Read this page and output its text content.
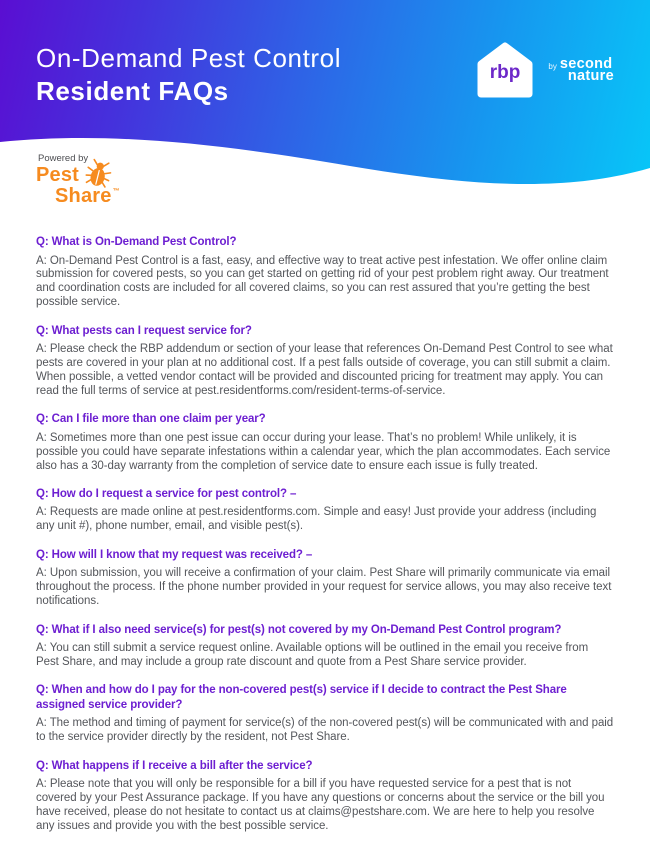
On-Demand Pest Control
Resident FAQs
rbp	by second
nature
Powered by
Pest
Share ™

Q: What is On-Demand Pest Control?

A: On-Demand Pest Control is a fast, easy, and effective way to treat active pest infestation. We offer online claim submission for covered pests, so you can get started on getting rid of your pest problem right away. Our treatment and coordination costs are included for all covered claims, so you can rest assured that you’re getting the best possible service.

Q: What pests can I request service for?

A: Please check the RBP addendum or section of your lease that references On-Demand Pest Control to see what pests are covered in your plan at no additional cost. If a pest falls outside of coverage, you can still submit a claim. When possible, a vetted vendor contact will be provided and discounted pricing for treatment may apply. You can read the full terms of service at pest.residentforms.com/resident-terms-of-service.

Q: Can I file more than one claim per year?

A: Sometimes more than one pest issue can occur during your lease. That’s no problem! While unlikely, it is possible you could have separate infestations within a calendar year, which the plan accommodates. Each service also has a 30-day warranty from the completion of service date to ensure each issue is fully treated.

Q: How do I request a service for pest control? –

A: Requests are made online at pest.residentforms.com. Simple and easy! Just provide your address (including any unit #), phone number, email, and visible pest(s).

Q: How will I know that my request was received? –

A: Upon submission, you will receive a confirmation of your claim. Pest Share will primarily communicate via email throughout the process. If the phone number provided in your request for service allows, you may also receive text notifications.

Q: What if I also need service(s) for pest(s) not covered by my On-Demand Pest Control program?

A: You can still submit a service request online. Available options will be outlined in the email you receive from Pest Share, and may include a group rate discount and quote from a Pest Share service provider.

Q: When and how do I pay for the non-covered pest(s) service if I decide to contract the Pest Share assigned service provider?

A: The method and timing of payment for service(s) of the non-covered pest(s) will be communicated with and paid to the service provider directly by the resident, not Pest Share.

Q: What happens if I receive a bill after the service?

A: Please note that you will only be responsible for a bill if you have requested service for a pest that is not covered by your Pest Assurance package. If you have any questions or concerns about the service or the bill you have received, please do not hesitate to contact us at claims@pestshare.com. We are here to help you resolve any issues and provide you with the best possible service.
